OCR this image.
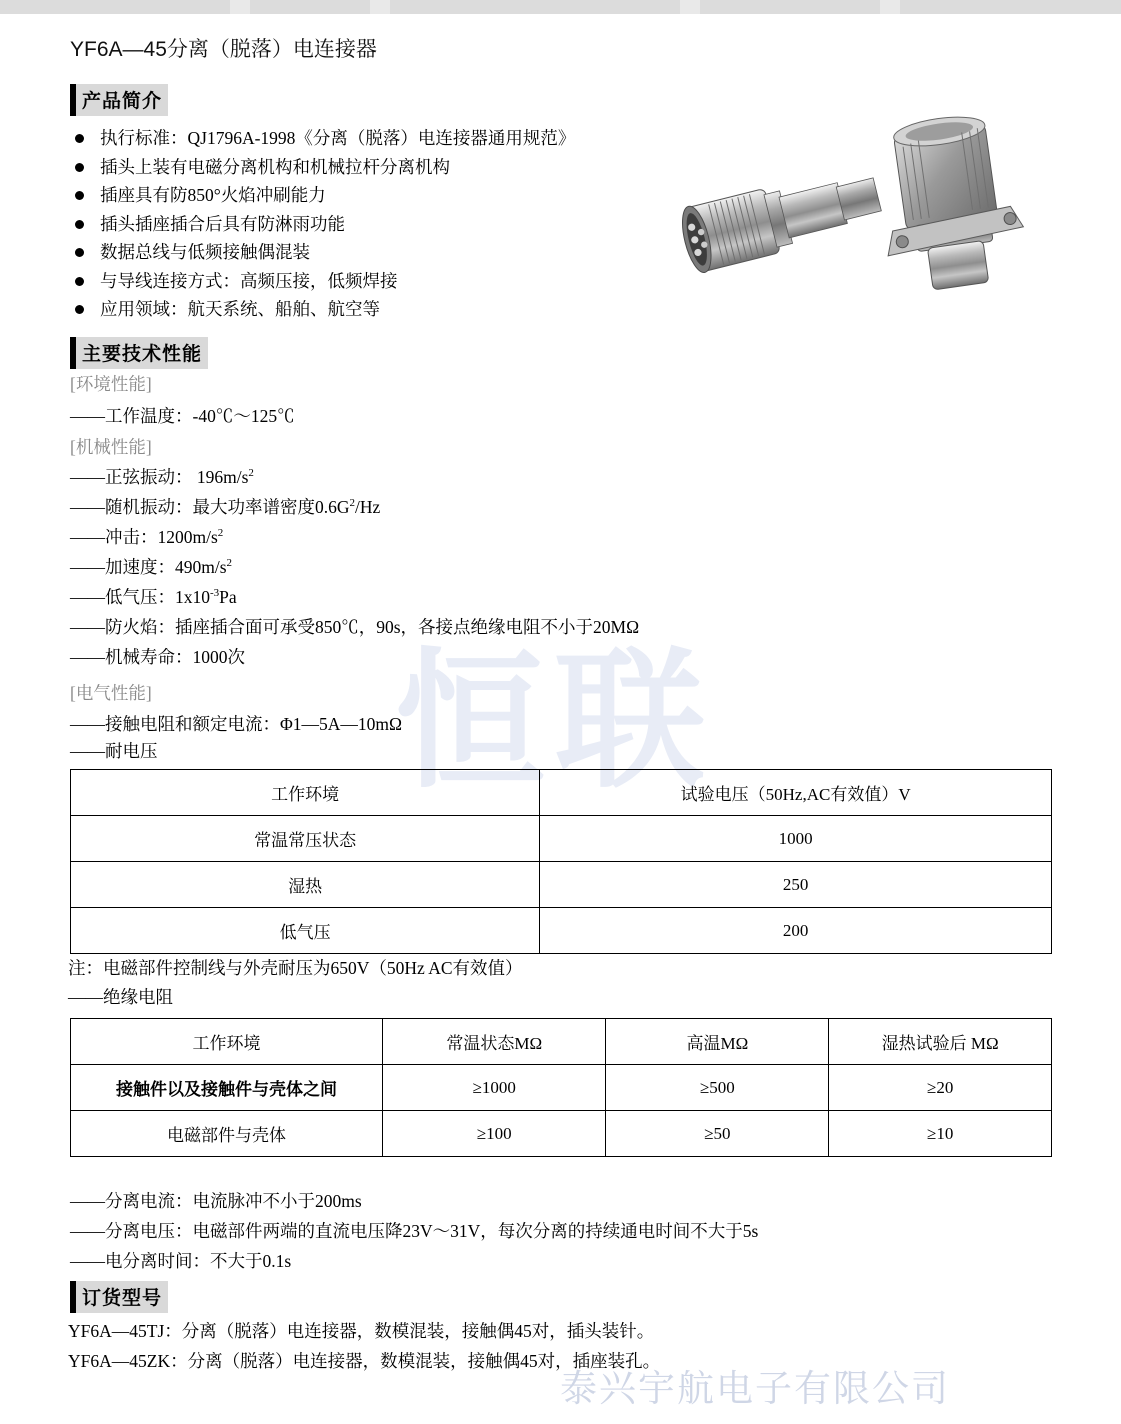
恒联
泰兴宇航电子有限公司
YF6A—45分离（脱落）电连接器
产品简介
执行标准：QJ1796A-1998《分离（脱落）电连接器通用规范》
插头上装有电磁分离机构和机械拉杆分离机构
插座具有防850°火焰冲刷能力
插头插座插合后具有防淋雨功能
数据总线与低频接触偶混装
与导线连接方式：高频压接，低频焊接
应用领域：航天系统、船舶、航空等
主要技术性能
[环境性能]
——工作温度：-40℃～125℃
[机械性能]
——正弦振动： $196m/s^2$
——随机振动：最大功率谱密度$0.6G^2/Hz$
——冲击：$1200m/s^2$
——加速度：$490m/s^2$
——低气压：$1x10^{-3}Pa$
——防火焰：插座插合面可承受850℃，90s，各接点绝缘电阻不小于20MΩ
——机械寿命：1000次
[电气性能]
——接触电阻和额定电流：Φ1—5A—10mΩ
——耐电压
工作环境	试验电压（50Hz,AC有效值）V
常温常压状态	1000
湿热	250
低气压	200
注：电磁部件控制线与外壳耐压为650V（50Hz AC有效值）
——绝缘电阻
工作环境	常温状态MΩ	高温MΩ	湿热试验后 MΩ
接触件以及接触件与壳体之间	≥1000	≥500	≥20
电磁部件与壳体	≥100	≥50	≥10
——分离电流：电流脉冲不小于200ms
——分离电压：电磁部件两端的直流电压降23V～31V，每次分离的持续通电时间不大于5s
——电分离时间：不大于0.1s
订货型号
YF6A—45TJ：分离（脱落）电连接器，数模混装，接触偶45对，插头装针。
YF6A—45ZK：分离（脱落）电连接器，数模混装，接触偶45对，插座装孔。
